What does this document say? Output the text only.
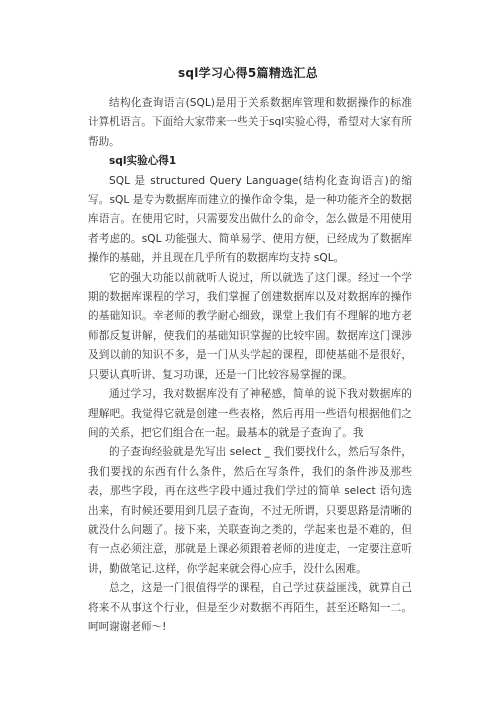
sql学习心得5篇精选汇总

结构化查询语言(SQL)是用于关系数据库管理和数据操作的标准计算机语言。下面给大家带来一些关于sql实验心得，希望对大家有所帮助。

sql实验心得1

SQL 是 structured Query Language(结构化查询语言)的缩写。sQL 是专为数据库而建立的操作命令集，是一种功能齐全的数据库语言。在使用它时，只需要发出做什么的命令，怎么做是不用使用者考虑的。sQL 功能强大、简单易学、使用方便，已经成为了数据库操作的基础，并且现在几乎所有的数据库均支持 sQL。

它的强大功能以前就听人说过，所以就选了这门课。经过一个学期的数据库课程的学习，我们掌握了创建数据库以及对数据库的操作的基础知识。幸老师的教学耐心细致，课堂上我们有不理解的地方老师都反复讲解，使我们的基础知识掌握的比较牢固。数据库这门课涉及到以前的知识不多，是一门从头学起的课程，即使基础不是很好，只要认真听讲、复习功课，还是一门比较容易掌握的课。

通过学习，我对数据库没有了神秘感，简单的说下我对数据库的理解吧。我觉得它就是创建一些表格，然后再用一些语句根据他们之间的关系，把它们组合在一起。最基本的就是子查询了。我

的子查询经验就是先写出 select _ 我们要找什么，然后写条件，我们要找的东西有什么条件，然后在写条件，我们的条件涉及那些表，那些字段，再在这些字段中通过我们学过的简单 select 语句选出来，有时候还要用到几层子查询，不过无所谓，只要思路是清晰的就没什么问题了。接下来，关联查询之类的，学起来也是不难的，但有一点必须注意，那就是上课必须跟着老师的进度走，一定要注意听讲，勤做笔记.这样，你学起来就会得心应手，没什么困难。

总之，这是一门很值得学的课程，自己学过获益匪浅，就算自己将来不从事这个行业，但是至少对数据不再陌生，甚至还略知一二。呵呵谢谢老师～!
